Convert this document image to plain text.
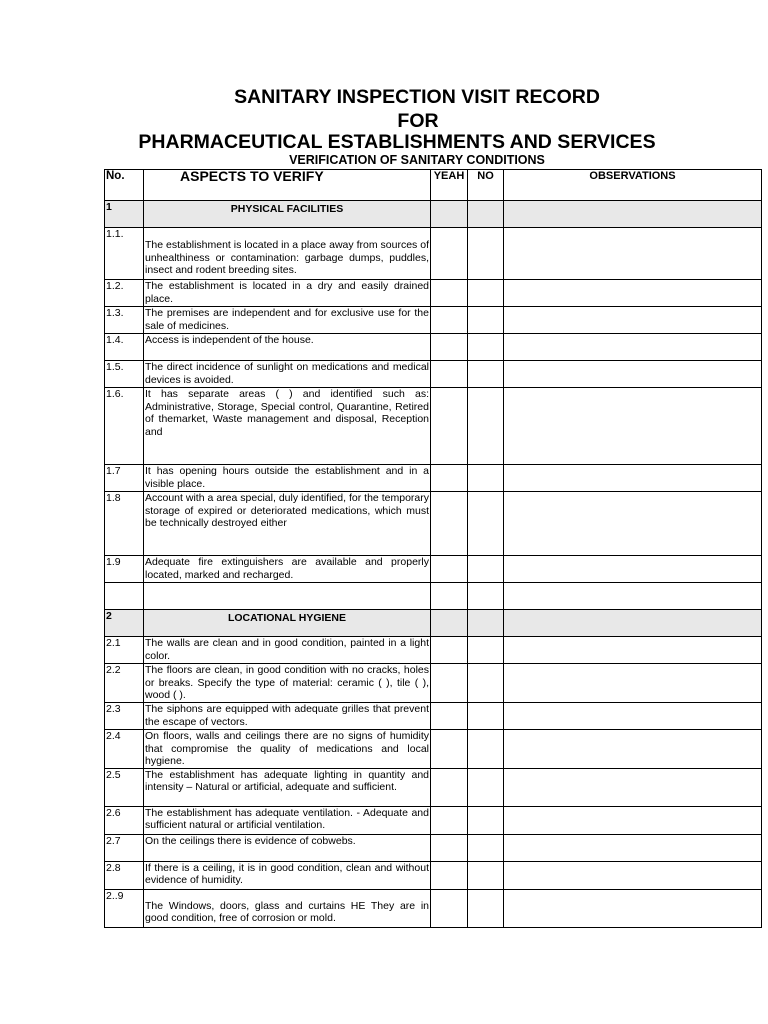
SANITARY INSPECTION VISIT RECORD
FOR
PHARMACEUTICAL ESTABLISHMENTS AND SERVICES
VERIFICATION OF SANITARY CONDITIONS
No.	ASPECTS TO VERIFY	YEAH	NO	OBSERVATIONS
1	PHYSICAL FACILITIES			
1.1.	The establishment is located in a place away from sources of unhealthiness or contamination: garbage dumps, puddles, insect and rodent breeding sites.			
1.2.	The establishment is located in a dry and easily drained place.			
1.3.	The premises are independent and for exclusive use for the sale of medicines.			
1.4.	Access is independent of the house.			
1.5.	The direct incidence of sunlight on medications and medical devices is avoided.			
1.6.	It has separate areas ( ) and identified such as: Administrative, Storage, Special control, Quarantine, Retired of themarket, Waste management and disposal, Reception and			
1.7	It has opening hours outside the establishment and in a visible place.			
1.8	Account with a area special, duly identified, for the temporary storage of expired or deteriorated medications, which must be technically destroyed either			
1.9	Adequate fire extinguishers are available and properly located, marked and recharged.			

2	LOCATIONAL HYGIENE			
2.1	The walls are clean and in good condition, painted in a light color.			
2.2	The floors are clean, in good condition with no cracks, holes or breaks. Specify the type of material: ceramic ( ), tile ( ), wood ( ).			
2.3	The siphons are equipped with adequate grilles that prevent the escape of vectors.			
2.4	On floors, walls and ceilings there are no signs of humidity that compromise the quality of medications and local hygiene.			
2.5	The establishment has adequate lighting in quantity and intensity – Natural or artificial, adequate and sufficient.			
2.6	The establishment has adequate ventilation. - Adequate and sufficient natural or artificial ventilation.			
2.7	On the ceilings there is evidence of cobwebs.			
2.8	If there is a ceiling, it is in good condition, clean and without evidence of humidity.			
2..9	The Windows, doors, glass and curtains HE They are in good condition, free of corrosion or mold.			
